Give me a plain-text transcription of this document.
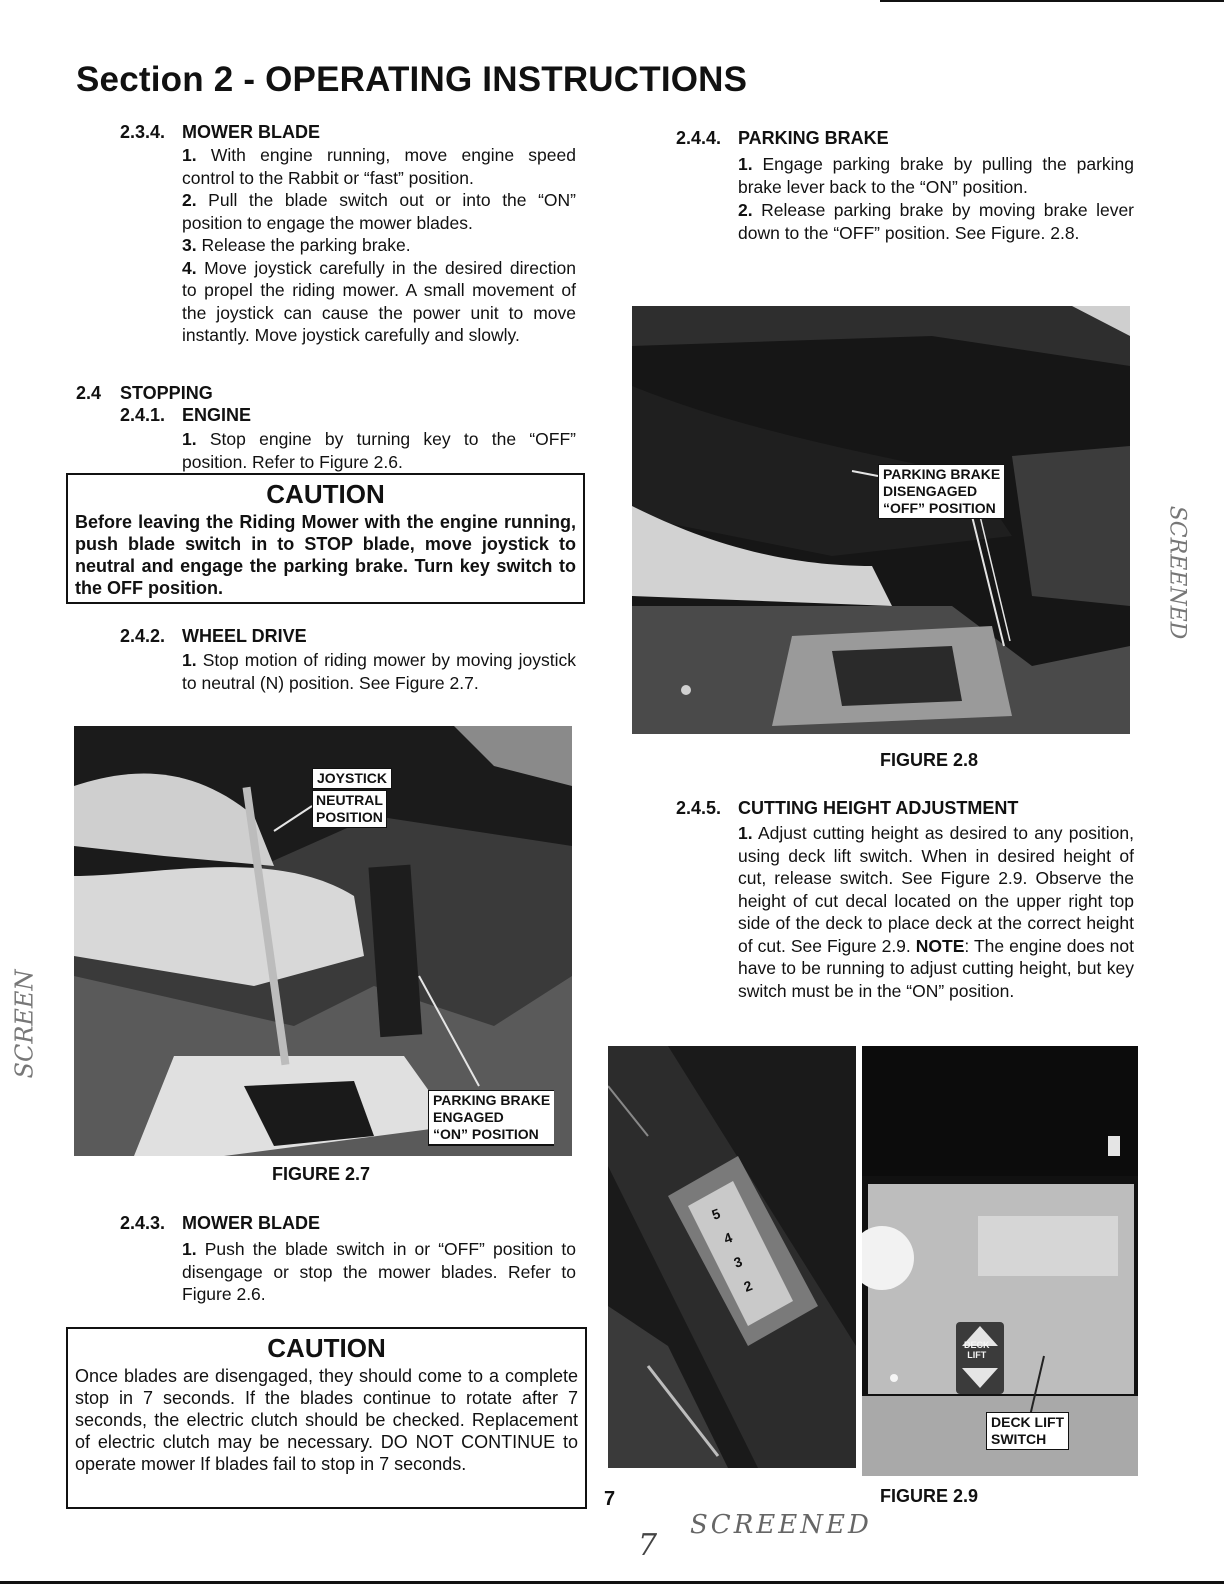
Section 2 - OPERATING INSTRUCTIONS
2.3.4. MOWER BLADE

1. With engine running, move engine speed control to the Rabbit or “fast” position.

2. Pull the blade switch out or into the “ON” position to engage the mower blades.

3. Release the parking brake.

4. Move joystick carefully in the desired direction to propel the riding mower. A small movement of the joystick can cause the power unit to move instantly. Move joystick carefully and slowly.

2.4 STOPPING
2.4.1. ENGINE

1. Stop engine by turning key to the “OFF” position. Refer to Figure 2.6.

CAUTION
Before leaving the Riding Mower with the engine running, push blade switch in to STOP blade, move joystick to neutral and engage the parking brake. Turn key switch to the OFF position.
2.4.2. WHEEL DRIVE

1. Stop motion of riding mower by moving joystick to neutral (N) position. See Figure 2.7.

JOYSTICK
NEUTRAL
POSITION
PARKING BRAKE
ENGAGED
“ON” POSITION
FIGURE 2.7
2.4.3. MOWER BLADE

1. Push the blade switch in or “OFF” position to disengage or stop the mower blades. Refer to Figure 2.6.

CAUTION
Once blades are disengaged, they should come to a complete stop in 7 seconds. If the blades continue to rotate after 7 seconds, the electric clutch should be checked. Replacement of electric clutch may be necessary. DO NOT CONTINUE to operate mower If blades fail to stop in 7 seconds.
SCREEN
2.4.4. PARKING BRAKE

1. Engage parking brake by pulling the parking brake lever back to the “ON” position.

2. Release parking brake by moving brake lever down to the “OFF” position. See Figure. 2.8.

PARKING BRAKE
DISENGAGED
“OFF” POSITION
FIGURE 2.8
2.4.5. CUTTING HEIGHT ADJUSTMENT

1. Adjust cutting height as desired to any position, using deck lift switch. When in desired height of cut, release switch. See Figure 2.9. Observe the height of cut decal located on the upper right top side of the deck to place deck at the correct height of cut. See Figure 2.9. NOTE: The engine does not have to be running to adjust cutting height, but key switch must be in the “ON” position.

5
4
3
2
DECK
LIFT
DECK LIFT
SWITCH
FIGURE 2.9
SCREENED
7
7
SCREENED
